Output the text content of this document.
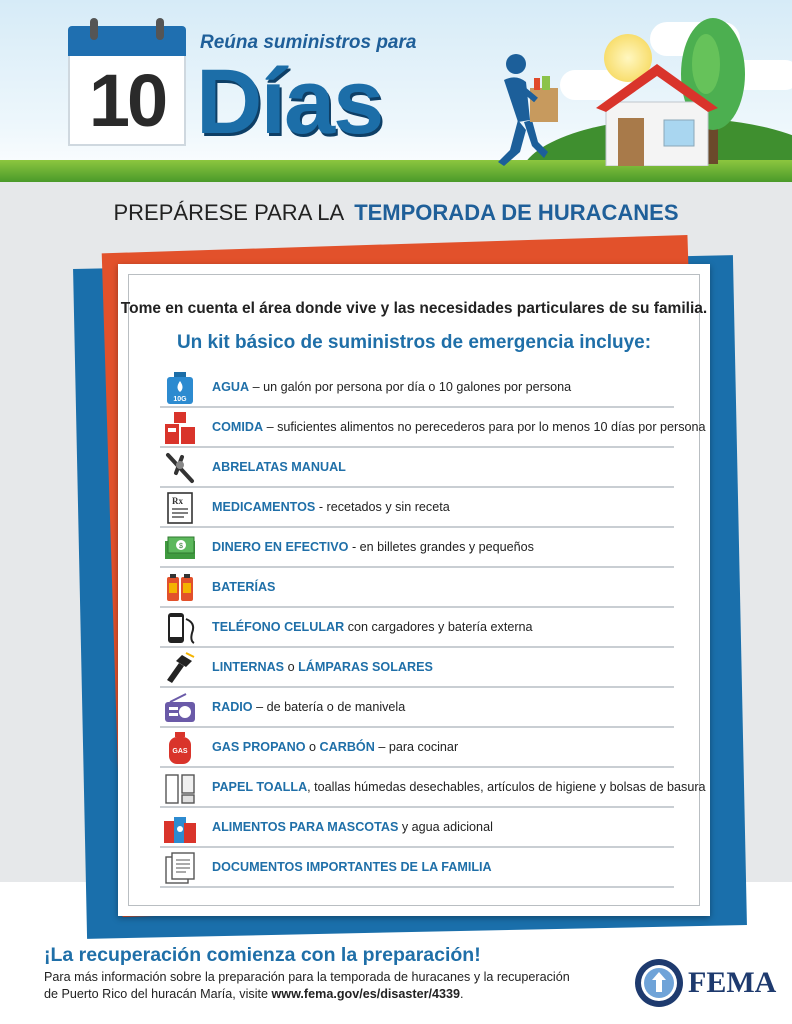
10
Reúna suministros para
Días
PREPÁRESE PARA LA TEMPORADA DE HURACANES
Tome en cuenta el área donde vive y las necesidades particulares de su familia.
Un kit básico de suministros de emergencia incluye:
10G
AGUA – un galón por persona por día o 10 galones por persona
COMIDA – suficientes alimentos no perecederos para por lo menos 10 días por persona
ABRELATAS MANUAL
Rx MEDICAMENTOS - recetados y sin receta
$ DINERO EN EFECTIVO - en billetes grandes y pequeños
BATERÍAS
TELÉFONO CELULAR con cargadores y batería externa
LINTERNAS o LÁMPARAS SOLARES
RADIO – de batería o de manivela
GAS GAS PROPANO o CARBÓN – para cocinar
PAPEL TOALLA, toallas húmedas desechables, artículos de higiene y bolsas de basura
ALIMENTOS PARA MASCOTAS y agua adicional
DOCUMENTOS IMPORTANTES DE LA FAMILIA
¡La recuperación comienza con la preparación!
Para más información sobre la preparación para la temporada de huracanes y la recuperación
de Puerto Rico del huracán María, visite www.fema.gov/es/disaster/4339.	FEMA
